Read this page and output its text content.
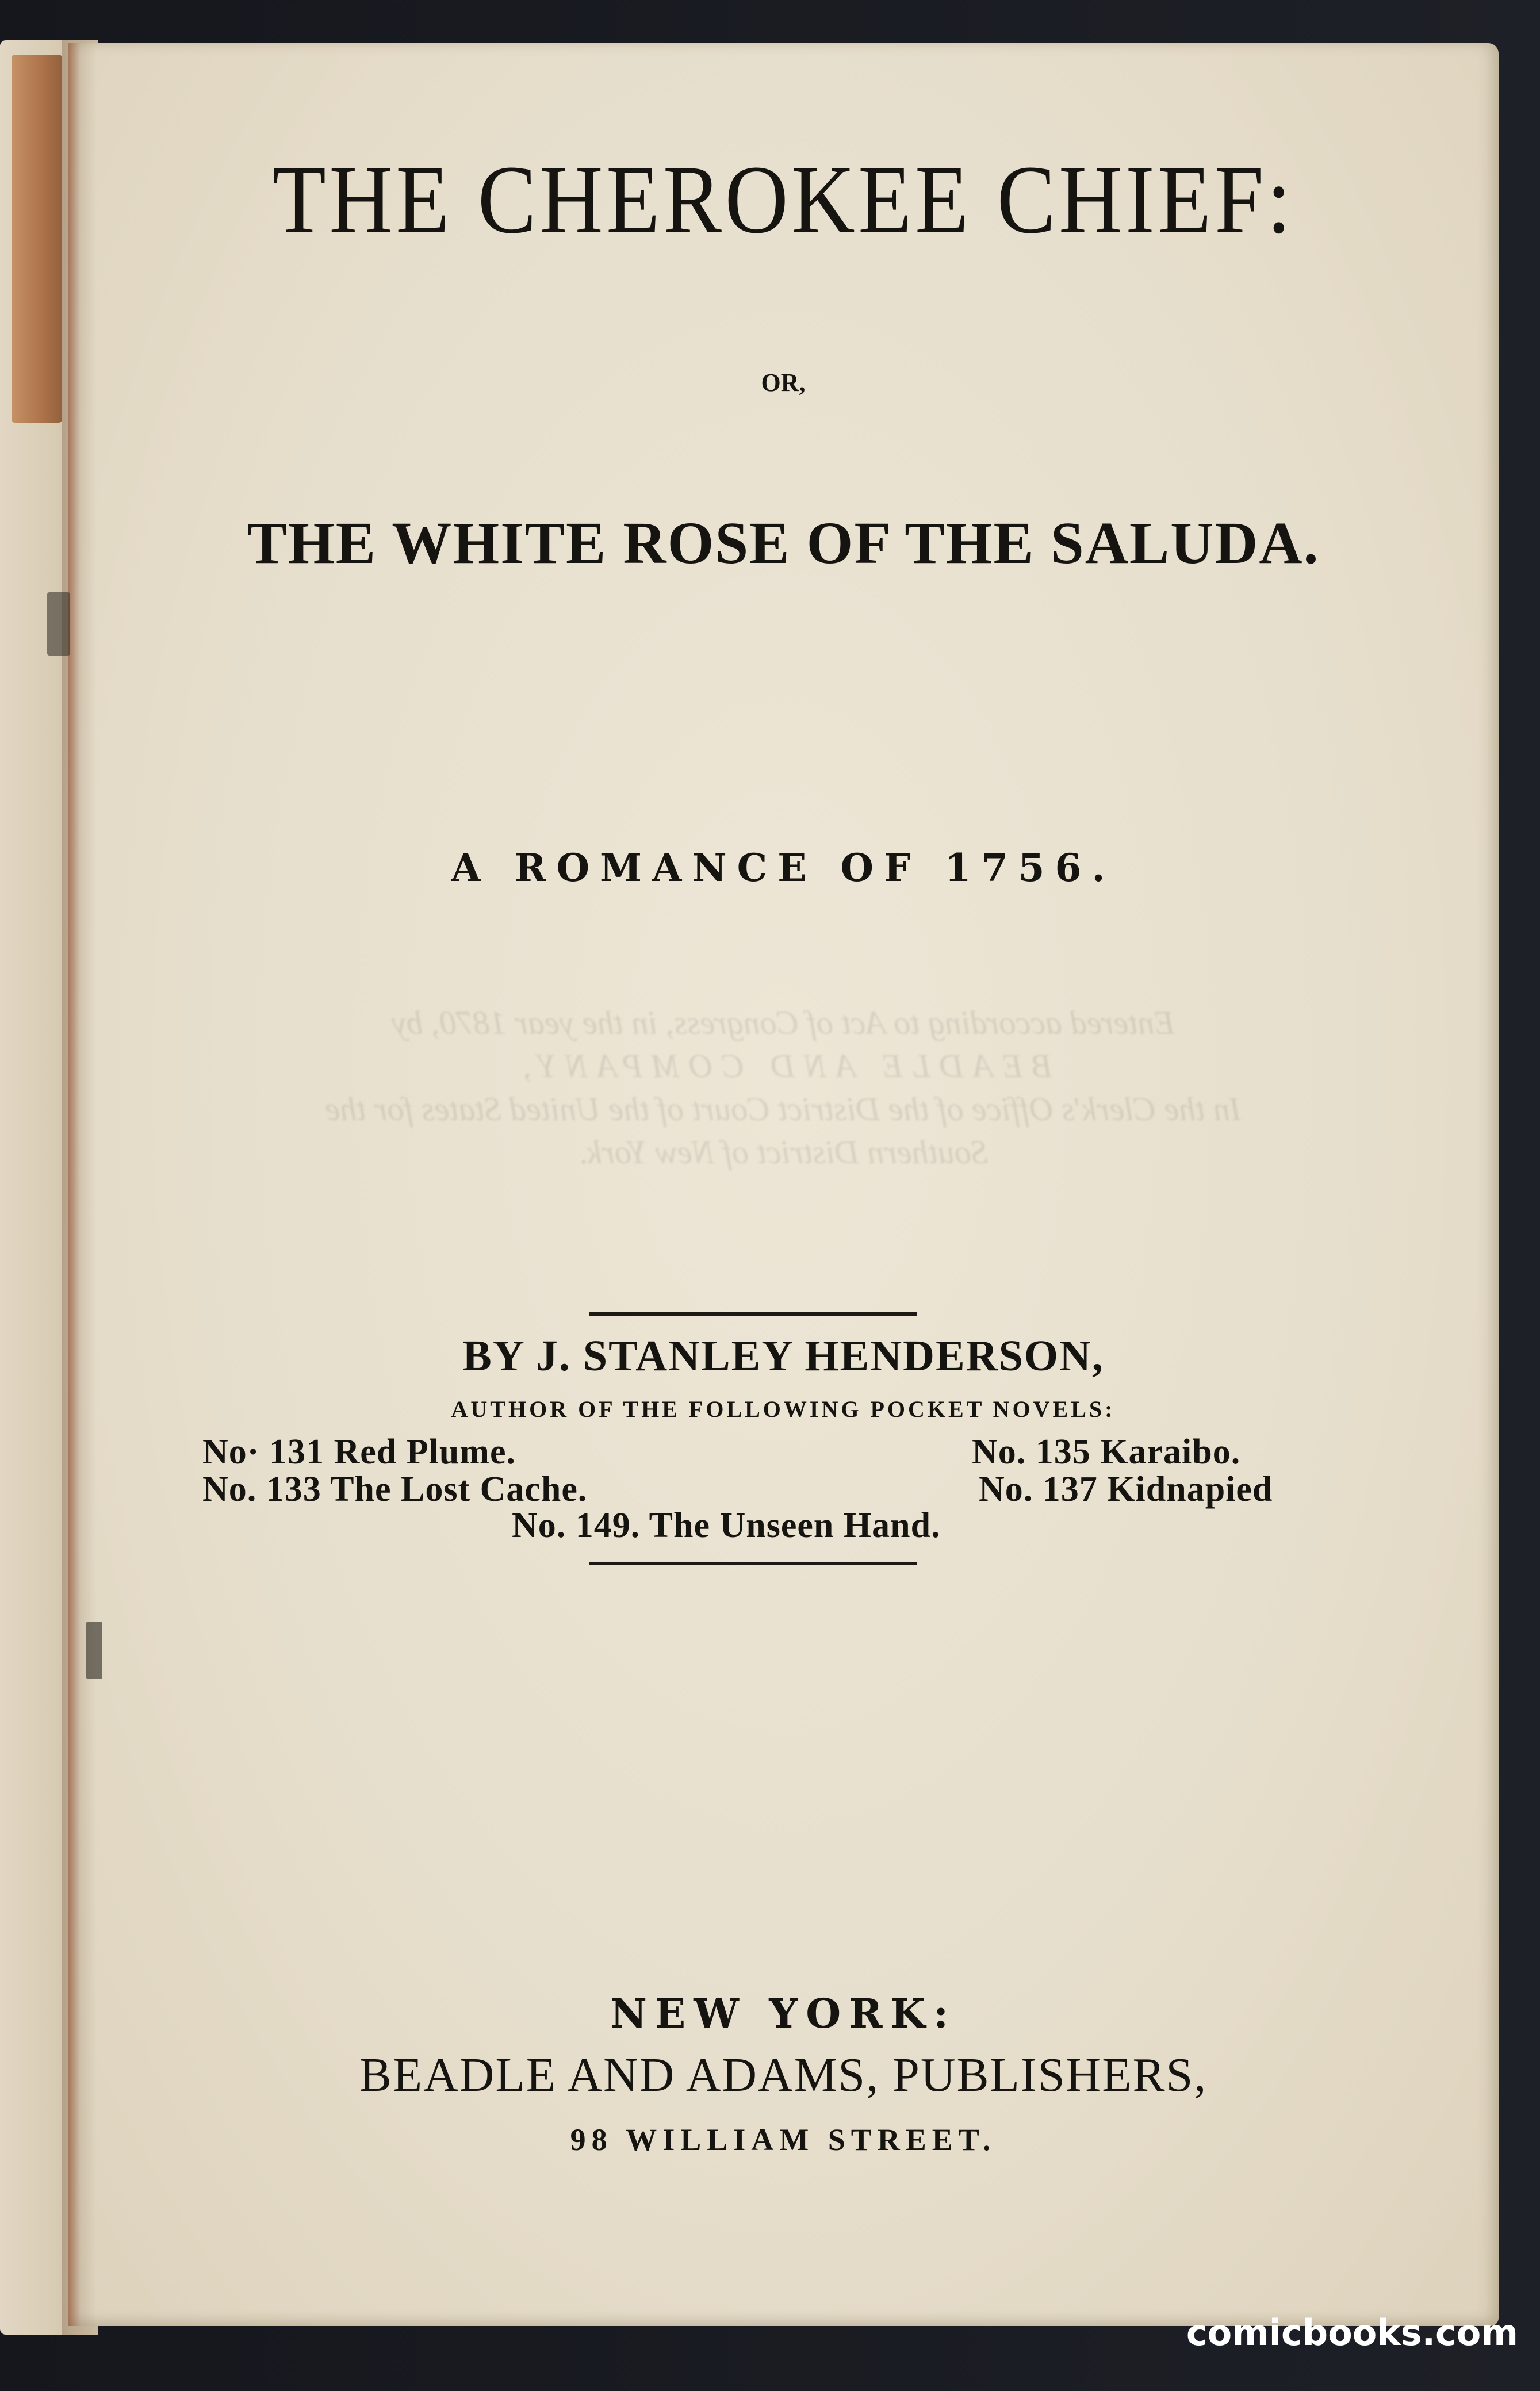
THE CHEROKEE CHIEF:
OR,
THE WHITE ROSE OF THE SALUDA.
A ROMANCE OF 1756.
Entered according to Act of Congress, in the year 1870, by
BEADLE AND COMPANY,
In the Clerk's Office of the District Court of the United States for the
Southern District of New York.
BY J. STANLEY HENDERSON,
AUTHOR OF THE FOLLOWING POCKET NOVELS:
No· 131 Red Plume.
No. 133 The Lost Cache.
No. 135 Karaibo.
No. 137 Kidnapied
No. 149. The Unseen Hand.
NEW YORK:
BEADLE AND ADAMS, PUBLISHERS,
98 WILLIAM STREET.
comicbooks.com
